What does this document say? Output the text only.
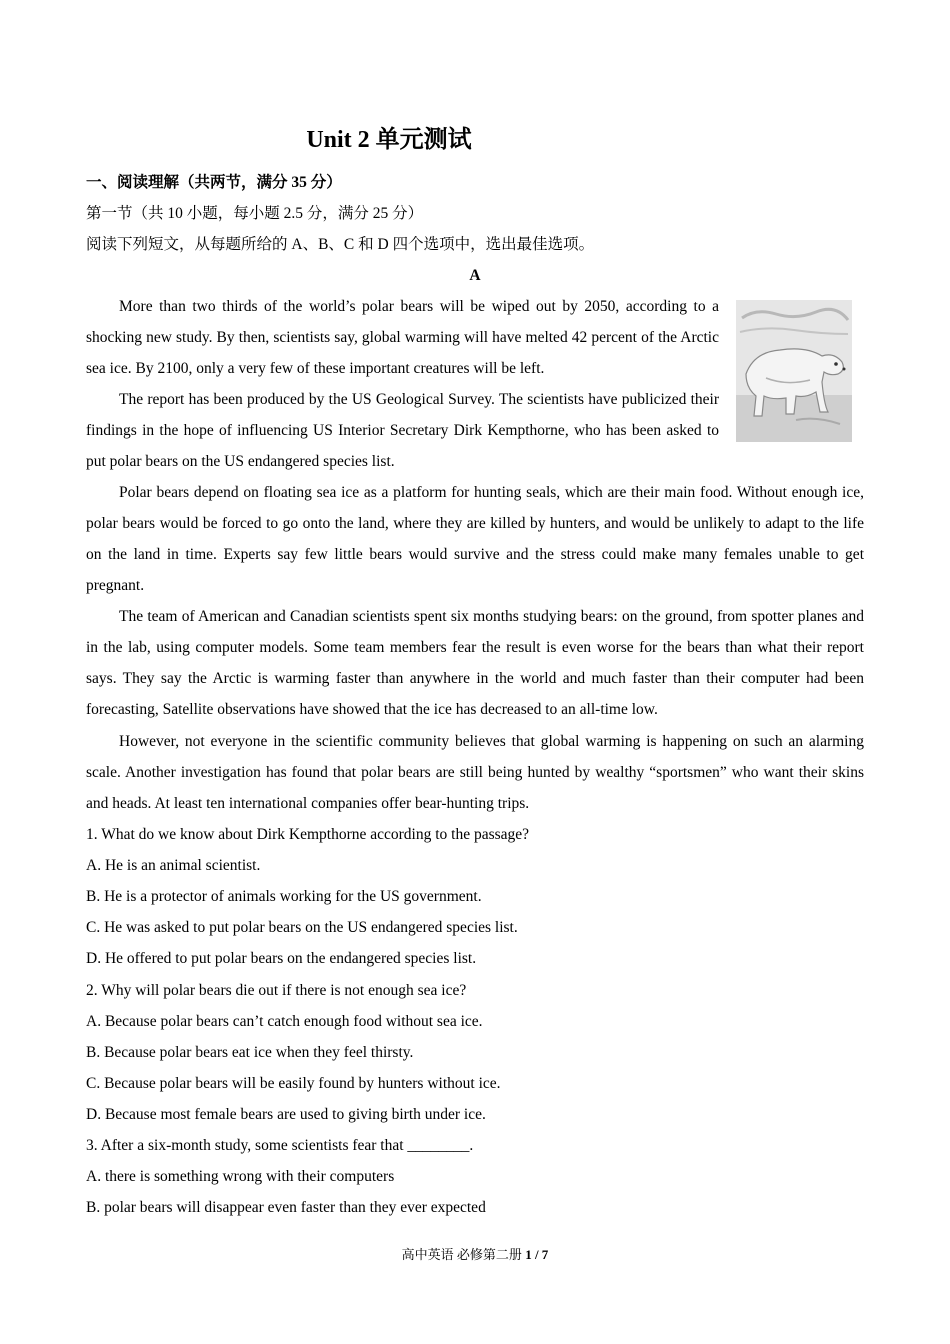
Unit 2 单元测试
一、阅读理解（共两节，满分 35 分）
第一节（共 10 小题，每小题 2.5 分，满分 25 分）
阅读下列短文，从每题所给的 A、B、C 和 D 四个选项中，选出最佳选项。
A

More than two thirds of the world’s polar bears will be wiped out by 2050, according to a shocking new study. By then, scientists say, global warming will have melted 42 percent of the Arctic sea ice. By 2100, only a very few of these important creatures will be left.

The report has been produced by the US Geological Survey. The scientists have publicized their findings in the hope of influencing US Interior Secretary Dirk Kempthorne, who has been asked to put polar bears on the US endangered species list.

Polar bears depend on floating sea ice as a platform for hunting seals, which are their main food. Without enough ice, polar bears would be forced to go onto the land, where they are killed by hunters, and would be unlikely to adapt to the life on the land in time. Experts say few little bears would survive and the stress could make many females unable to get pregnant.

The team of American and Canadian scientists spent six months studying bears: on the ground, from spotter planes and in the lab, using computer models. Some team members fear the result is even worse for the bears than what their report says. They say the Arctic is warming faster than anywhere in the world and much faster than their computer had been forecasting, Satellite observations have showed that the ice has decreased to an all-time low.

However, not everyone in the scientific community believes that global warming is happening on such an alarming scale. Another investigation has found that polar bears are still being hunted by wealthy “sportsmen” who want their skins and heads. At least ten international companies offer bear-hunting trips.

1. What do we know about Dirk Kempthorne according to the passage?
A. He is an animal scientist.
B. He is a protector of animals working for the US government.
C. He was asked to put polar bears on the US endangered species list.
D. He offered to put polar bears on the endangered species list.
2. Why will polar bears die out if there is not enough sea ice?
A. Because polar bears can’t catch enough food without sea ice.
B. Because polar bears eat ice when they feel thirsty.
C. Because polar bears will be easily found by hunters without ice.
D. Because most female bears are used to giving birth under ice.
3. After a six-month study, some scientists fear that ________.
A. there is something wrong with their computers
B. polar bears will disappear even faster than they ever expected
高中英语 必修第二册 1 / 7
